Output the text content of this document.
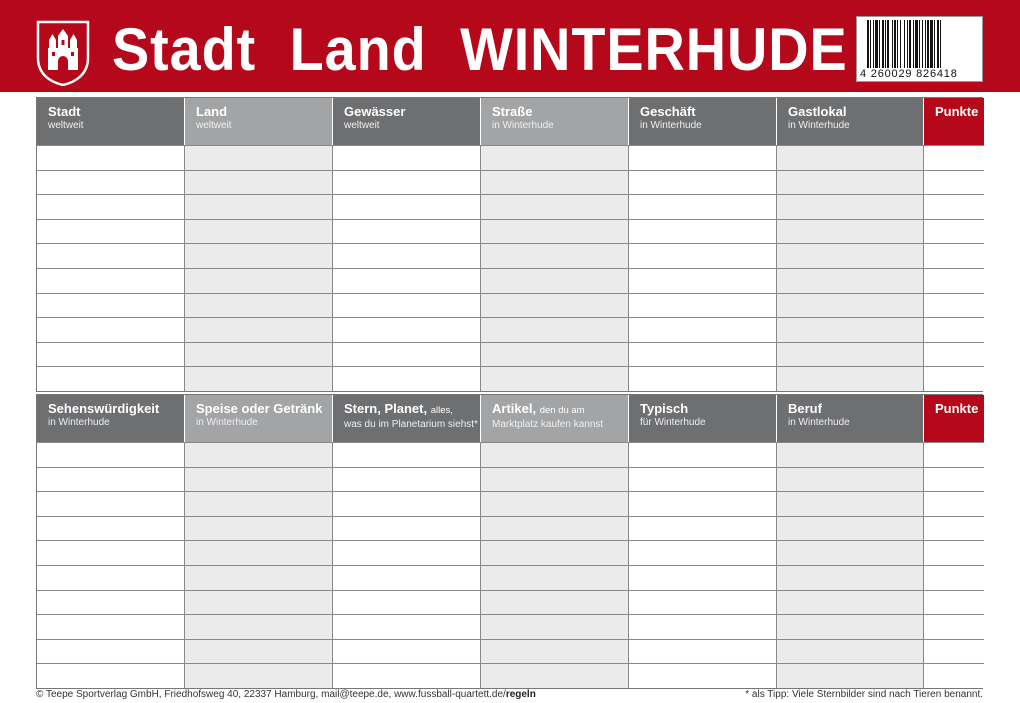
Stadt Land WINTERHUDE 4 260029 826418
Stadt
weltweit
Land
weltweit
Gewässer
weltweit
Straße
in Winterhude
Geschäft
in Winterhude
Gastlokal
in Winterhude
Punkte
Sehenswürdigkeit
in Winterhude
Speise oder Getränk
in Winterhude
Stern, Planet, alles,
was du im Planetarium siehst*
Artikel, den du am
Marktplatz kaufen kannst
Typisch
für Winterhude
Beruf
in Winterhude
Punkte
© Teepe Sportverlag GmbH, Friedhofsweg 40, 22337 Hamburg, mail@teepe.de, www.fussball-quartett.de/regeln	* als Tipp: Viele Sternbilder sind nach Tieren benannt.
